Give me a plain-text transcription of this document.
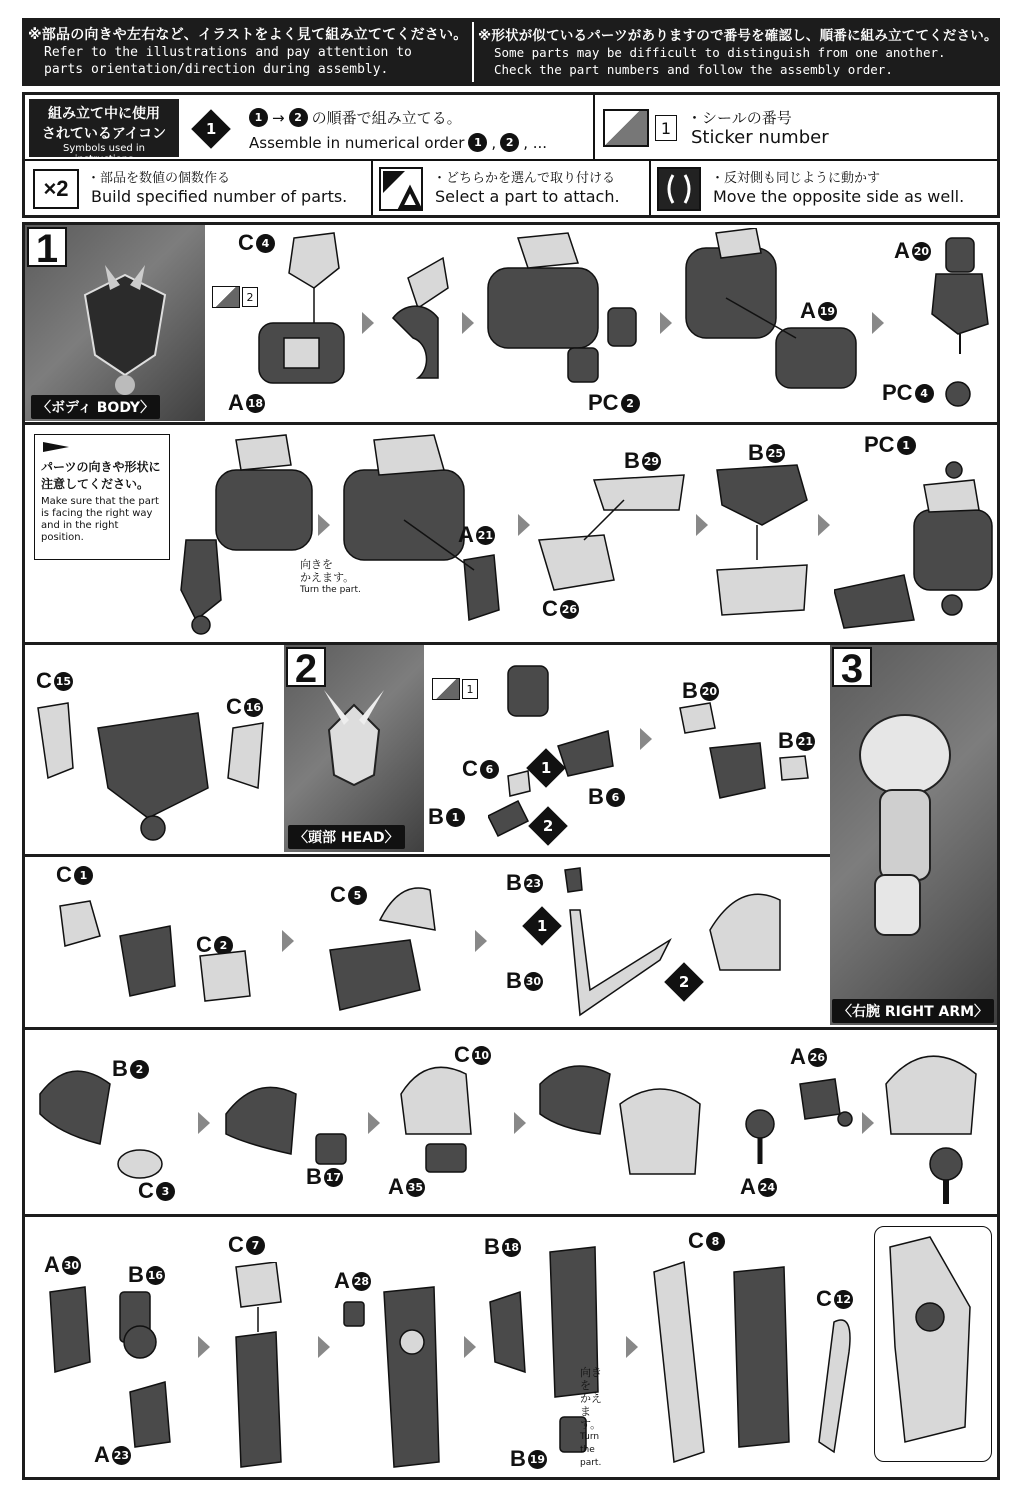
※部品の向きや左右など、イラストをよく見て組み立ててください。
Refer to the illustrations and pay attention to
parts orientation/direction during assembly.
※形状が似ているパーツがありますので番号を確認し、順番に組み立ててください。
Some parts may be difficult to distinguish from one another.
Check the part numbers and follow the assembly order.
組み立て中に使用
されているアイコン
Symbols used in instructions
1
1 → 2 の順番で組み立てる。
Assemble in numerical order 1 , 2 , ...
1
・シールの番号
Sticker number
×2	・部品を数値の個数作る
Build specified number of parts.
・どちらかを選んで取り付ける
Select a part to attach.
・反対側も同じように動かす
Move the opposite side as well.
1
〈ボディ BODY〉
C 4
2
A 18	PC 2
A 19
A 20
PC 4
パーツの向きや形状に
注意してください。
Make sure that the part is facing the right way and in the right position.	A 21
向きを
かえます。
Turn the part.
B 29
C 26
B 25	PC 1
C 15
C 16
2
〈頭部 HEAD〉
1
C 6	1
B 6
B 1	2
B 20
B 21
3
〈右腕 RIGHT ARM〉
C 1
C 2
C 5	B 23
1
B 30	2
B 2
C 3
B 17
C 10
A 35
A 26
A 24
A 30 B 16
A 23
C 7
A 28
B 18
向きを
かえます。
Turn the part.
B 19
C 8
C 12
